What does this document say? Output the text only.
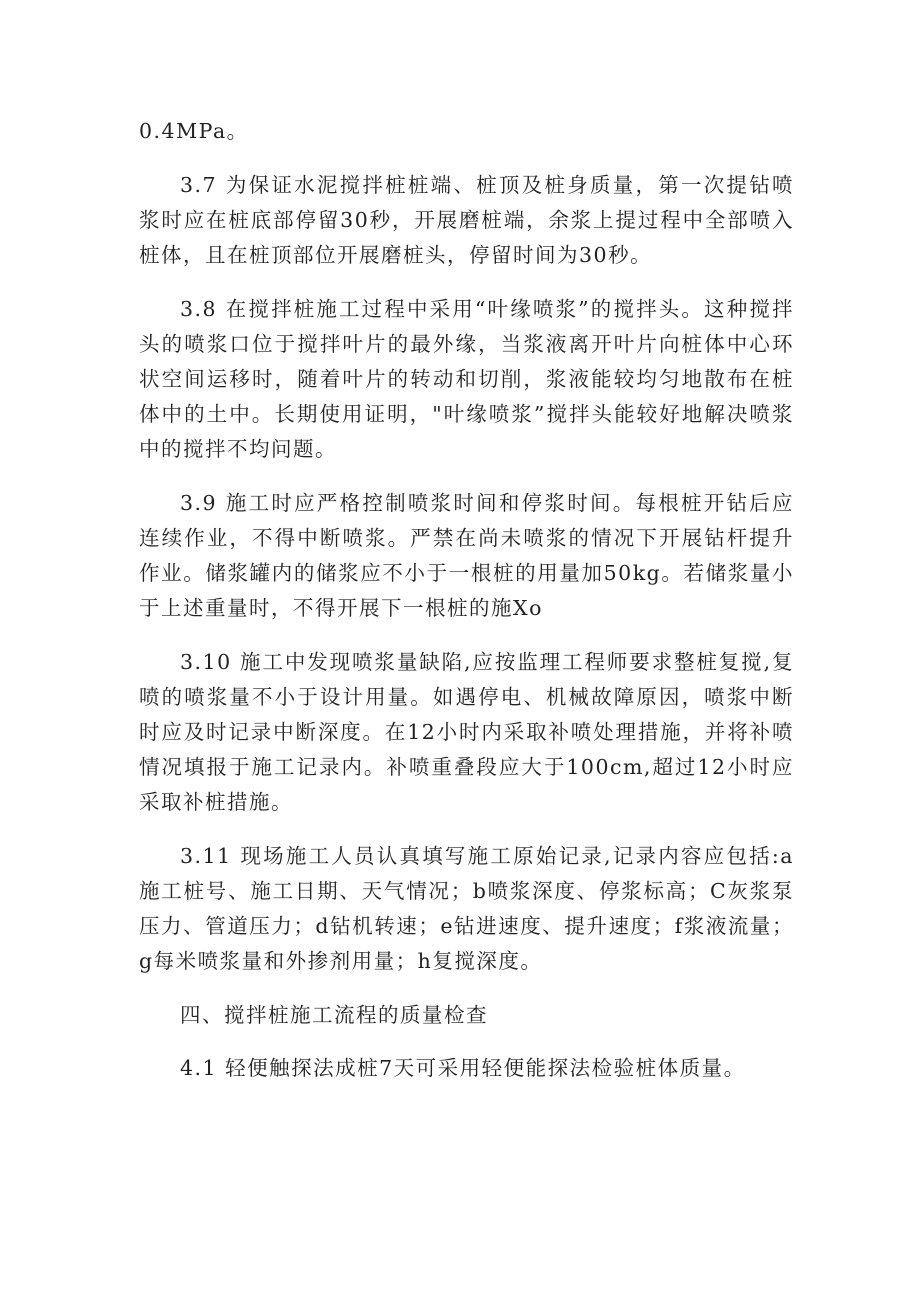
0.4MPa。

3.7 为保证水泥搅拌桩桩端、桩顶及桩身质量，第一次提钻喷浆时应在桩底部停留30秒，开展磨桩端，余浆上提过程中全部喷入桩体，且在桩顶部位开展磨桩头，停留时间为30秒。

3.8 在搅拌桩施工过程中采用“叶缘喷浆”的搅拌头。这种搅拌头的喷浆口位于搅拌叶片的最外缘，当浆液离开叶片向桩体中心环状空间运移时，随着叶片的转动和切削，浆液能较均匀地散布在桩体中的土中。长期使用证明，"叶缘喷浆”搅拌头能较好地解决喷浆中的搅拌不均问题。

3.9 施工时应严格控制喷浆时间和停浆时间。每根桩开钻后应连续作业，不得中断喷浆。严禁在尚未喷浆的情况下开展钻杆提升作业。储浆罐内的储浆应不小于一根桩的用量加50kg。若储浆量小于上述重量时，不得开展下一根桩的施Xo

3.10 施工中发现喷浆量缺陷,应按监理工程师要求整桩复搅,复喷的喷浆量不小于设计用量。如遇停电、机械故障原因，喷浆中断时应及时记录中断深度。在12小时内采取补喷处理措施，并将补喷情况填报于施工记录内。补喷重叠段应大于100cm,超过12小时应采取补桩措施。

3.11 现场施工人员认真填写施工原始记录,记录内容应包括:a施工桩号、施工日期、天气情况；b喷浆深度、停浆标高；C灰浆泵压力、管道压力；d钻机转速；e钻进速度、提升速度；f浆液流量；g每米喷浆量和外掺剂用量；h复搅深度。

四、搅拌桩施工流程的质量检查

4.1 轻便触探法成桩7天可采用轻便能探法检验桩体质量。
